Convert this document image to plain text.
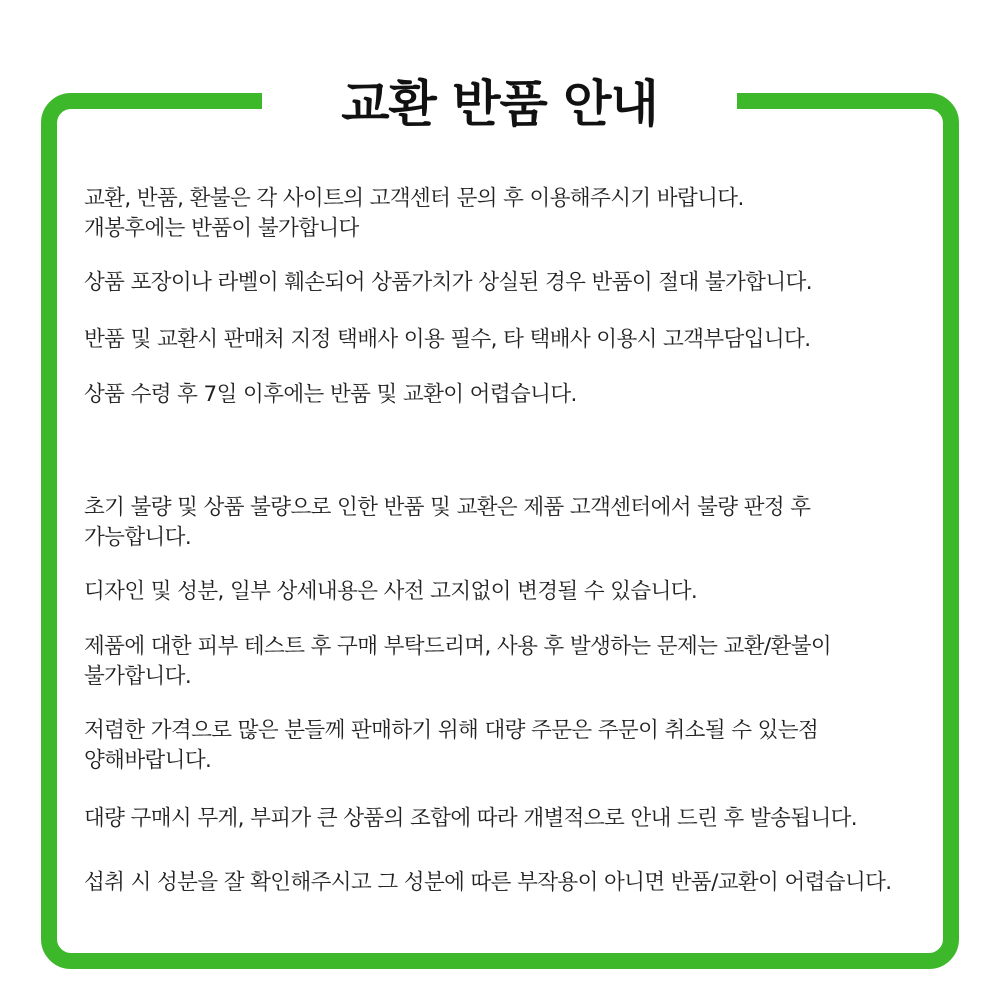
교환 반품 안내

교환, 반품, 환불은 각 사이트의 고객센터 문의 후 이용해주시기 바랍니다.
개봉후에는 반품이 불가합니다

상품 포장이나 라벨이 훼손되어 상품가치가 상실된 경우 반품이 절대 불가합니다.

반품 및 교환시 판매처 지정 택배사 이용 필수, 타 택배사 이용시 고객부담입니다.

상품 수령 후 7일 이후에는 반품 및 교환이 어렵습니다.

초기 불량 및 상품 불량으로 인한 반품 및 교환은 제품 고객센터에서 불량 판정 후
가능합니다.

디자인 및 성분, 일부 상세내용은 사전 고지없이 변경될 수 있습니다.

제품에 대한 피부 테스트 후 구매 부탁드리며, 사용 후 발생하는 문제는 교환/환불이
불가합니다.

저렴한 가격으로 많은 분들께 판매하기 위해 대량 주문은 주문이 취소될 수 있는점
양해바랍니다.

대량 구매시 무게, 부피가 큰 상품의 조합에 따라 개별적으로 안내 드린 후 발송됩니다.

섭취 시 성분을 잘 확인해주시고 그 성분에 따른 부작용이 아니면 반품/교환이 어렵습니다.
